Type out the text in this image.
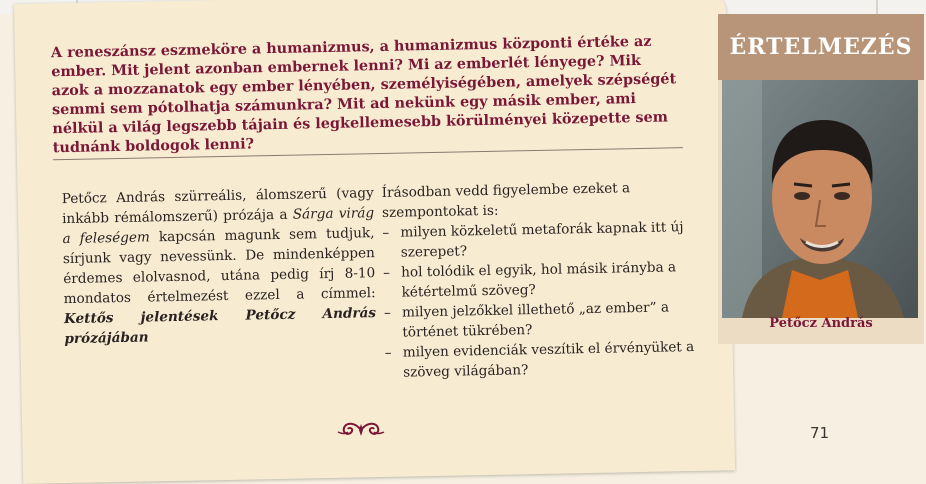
A reneszánsz eszmeköre a humanizmus, a humanizmus központi értéke az ember. Mit jelent azonban embernek lenni? Mi az emberlét lényege? Mik azok a mozzanatok egy ember lényében, személyiségében, amelyek szépségét semmi sem pótolhatja számunkra? Mit ad nekünk egy másik ember, ami nélkül a világ legszebb tájain és legkellemesebb körülményei közepette sem tudnánk boldogok lenni?

Petőcz András szürreális, álomszerű (vagy inkább rémálomszerű) prózája a Sárga virág a feleségem kapcsán magunk sem tudjuk, sírjunk vagy nevessünk. De mindenképpen érdemes elolvasnod, utána pedig írj 8-10 mondatos értelmezést ezzel a címmel: Kettős jelentések Petőcz András prózájában

Írásodban vedd figyelembe ezeket a szempontokat is:
– milyen közkeletű metaforák kapnak itt új szerepet?
– hol tolódik el egyik, hol másik irányba a kétértelmű szöveg?
– milyen jelzőkkel illethető „az ember” a történet tükrében?
– milyen evidenciák veszítik el érvényüket a szöveg világában?
71
ÉRTELMEZÉS
Petőcz András
